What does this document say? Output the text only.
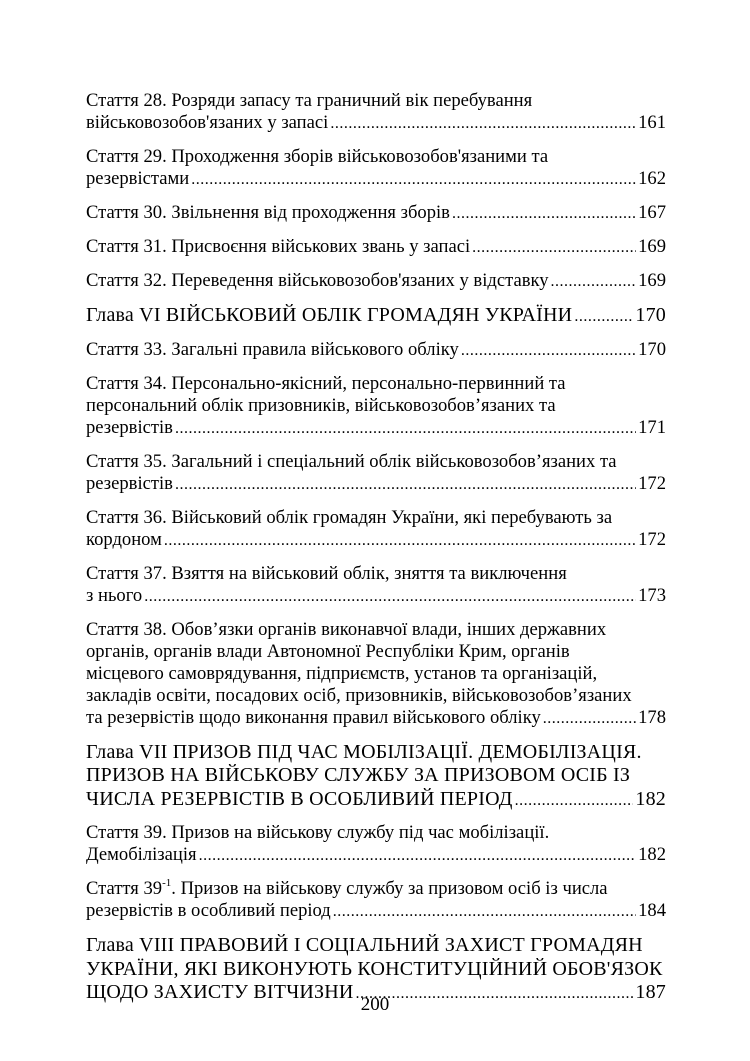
Стаття 28. Розряди запасу та граничний вік перебування
військовозобов'язаних у запасі .....	161
Стаття 29. Проходження зборів військовозобов'язаними та
резервістами .....	162
Стаття 30. Звільнення від проходження зборів .....	167
Стаття 31. Присвоєння військових звань у запасі .....	169
Стаття 32. Переведення військовозобов'язаних у відставку .....	169
Глава VI ВІЙСЬКОВИЙ ОБЛІК ГРОМАДЯН УКРАЇНИ .....	170
Стаття 33. Загальні правила військового обліку .....	170
Стаття 34. Персонально-якісний, персонально-первинний та
персональний облік призовників, військовозобов’язаних та
резервістів .....	171
Стаття 35. Загальний і спеціальний облік військовозобов’язаних та
резервістів .....	172
Стаття 36. Військовий облік громадян України, які перебувають за
кордоном .....	172
Стаття 37. Взяття на військовий облік, зняття та виключення
з нього .....	173
Стаття 38. Обов’язки органів виконавчої влади, інших державних
органів, органів влади Автономної Республіки Крим, органів
місцевого самоврядування, підприємств, установ та організацій,
закладів освіти, посадових осіб, призовників, військовозобов’язаних
та резервістів щодо виконання правил військового обліку .....	178
Глава VII ПРИЗОВ ПІД ЧАС МОБІЛІЗАЦІЇ. ДЕМОБІЛІЗАЦІЯ.
ПРИЗОВ НА ВІЙСЬКОВУ СЛУЖБУ ЗА ПРИЗОВОМ ОСІБ ІЗ
ЧИСЛА РЕЗЕРВІСТІВ В ОСОБЛИВИЙ ПЕРІОД .....	182
Стаття 39. Призов на військову службу під час мобілізації.
Демобілізація .....	182
Стаття $39^{-1}$. Призов на військову службу за призовом осіб із числа
резервістів в особливий період .....	184
Глава VIII ПРАВОВИЙ І СОЦІАЛЬНИЙ ЗАХИСТ ГРОМАДЯН
УКРАЇНИ, ЯКІ ВИКОНУЮТЬ КОНСТИТУЦІЙНИЙ ОБОВ'ЯЗОК
ЩОДО ЗАХИСТУ ВІТЧИЗНИ .....	187
200
